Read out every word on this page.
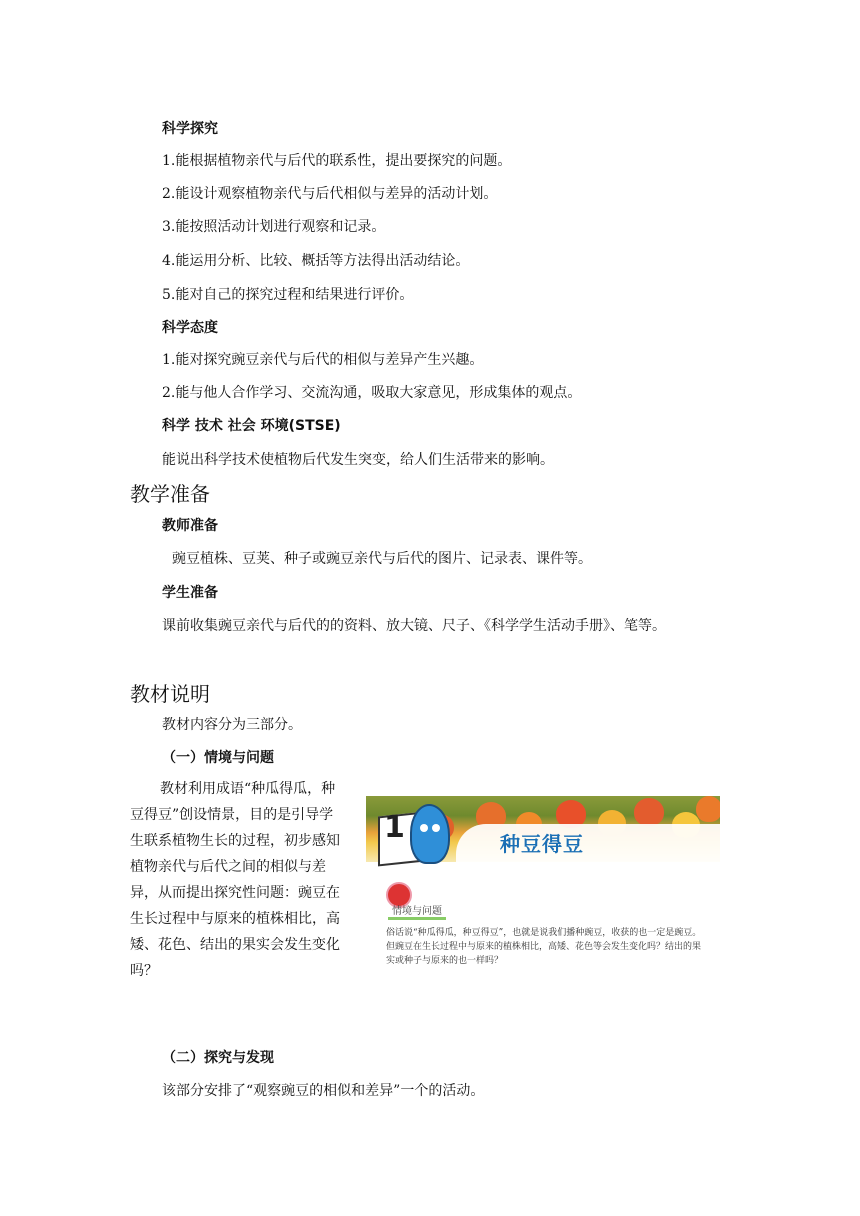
科学探究
1.能根据植物亲代与后代的联系性，提出要探究的问题。
2.能设计观察植物亲代与后代相似与差异的活动计划。
3.能按照活动计划进行观察和记录。
4.能运用分析、比较、概括等方法得出活动结论。
5.能对自己的探究过程和结果进行评价。
科学态度
1.能对探究豌豆亲代与后代的相似与差异产生兴趣。
2.能与他人合作学习、交流沟通，吸取大家意见，形成集体的观点。
科学 技术 社会 环境(STSE)
能说出科学技术使植物后代发生突变，给人们生活带来的影响。
教学准备
教师准备
豌豆植株、豆荚、种子或豌豆亲代与后代的图片、记录表、课件等。
学生准备
课前收集豌豆亲代与后代的的资料、放大镜、尺子、《科学学生活动手册》、笔等。
教材说明
教材内容分为三部分。
（一）情境与问题

教材利用成语“种瓜得瓜，种

豆得豆”创设情景，目的是引导学

生联系植物生长的过程，初步感知

植物亲代与后代之间的相似与差

异，从而提出探究性问题：豌豆在

生长过程中与原来的植株相比，高

矮、花色、结出的果实会发生变化

吗？

种豆得豆
1
情境与问题
俗话说“种瓜得瓜，种豆得豆”，也就是说我们播种豌豆，收获的也一定是豌豆。但豌豆在生长过程中与原来的植株相比，高矮、花色等会发生变化吗？结出的果实或种子与原来的也一样吗？
（二）探究与发现
该部分安排了“观察豌豆的相似和差异”一个的活动。
